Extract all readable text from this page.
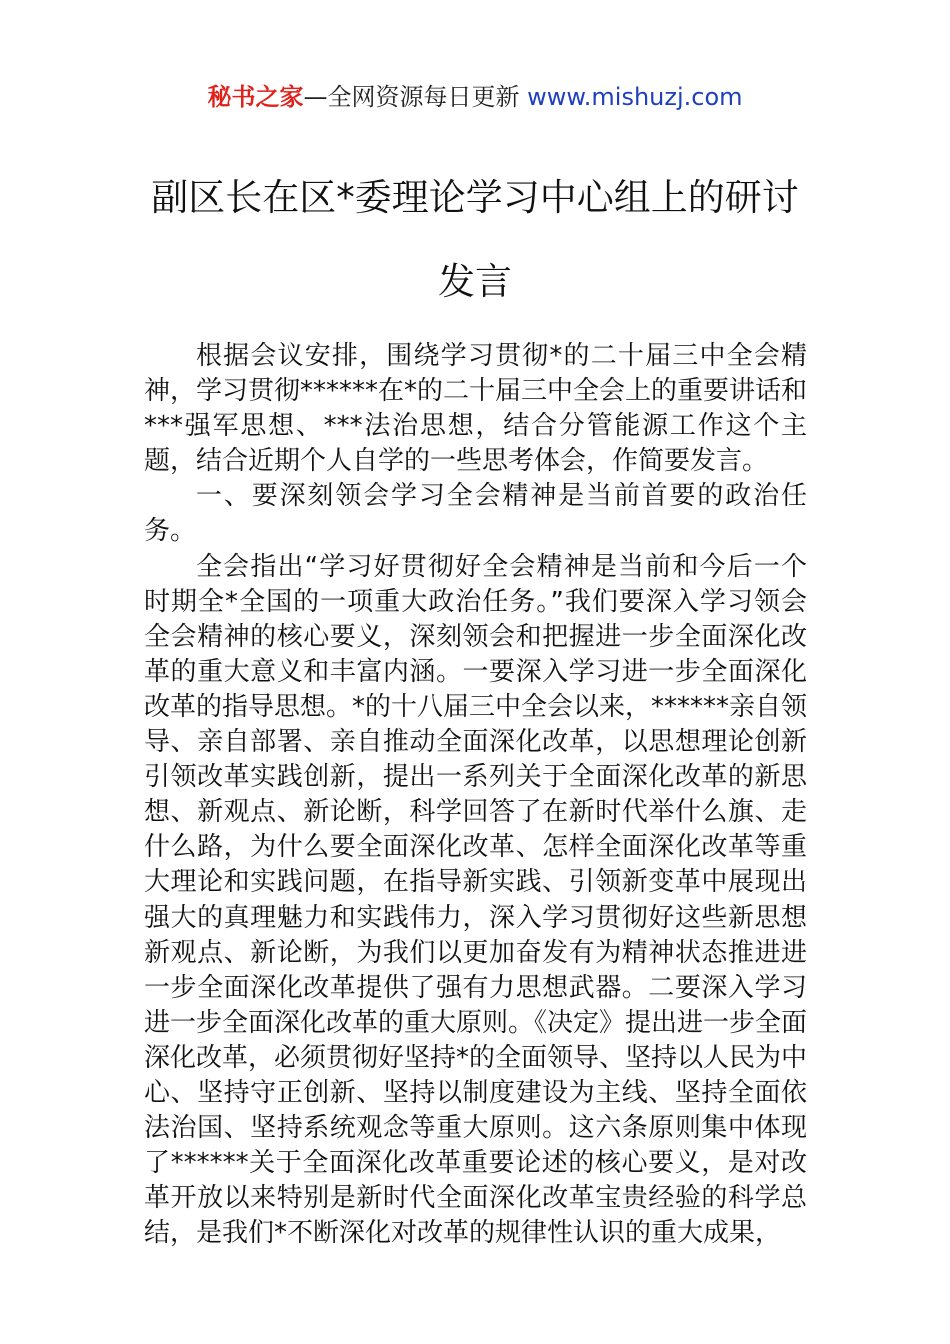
秘书之家—全网资源每日更新 www.mishuzj.com
副区长在区*委理论学习中心组上的研讨发言

根据会议安排，围绕学习贯彻*的二十届三中全会精神，学习贯彻******在*的二十届三中全会上的重要讲话和***强军思想、***法治思想，结合分管能源工作这个主题，结合近期个人自学的一些思考体会，作简要发言。

一、要深刻领会学习全会精神是当前首要的政治任务。

全会指出“学习好贯彻好全会精神是当前和今后一个时期全*全国的一项重大政治任务。”我们要深入学习领会全会精神的核心要义，深刻领会和把握进一步全面深化改革的重大意义和丰富内涵。一要深入学习进一步全面深化改革的指导思想。*的十八届三中全会以来，******亲自领导、亲自部署、亲自推动全面深化改革，以思想理论创新引领改革实践创新，提出一系列关于全面深化改革的新思想、新观点、新论断，科学回答了在新时代举什么旗、走什么路，为什么要全面深化改革、怎样全面深化改革等重大理论和实践问题，在指导新实践、引领新变革中展现出强大的真理魅力和实践伟力，深入学习贯彻好这些新思想新观点、新论断，为我们以更加奋发有为精神状态推进进一步全面深化改革提供了强有力思想武器。二要深入学习进一步全面深化改革的重大原则。《决定》提出进一步全面深化改革，必须贯彻好坚持*的全面领导、坚持以人民为中心、坚持守正创新、坚持以制度建设为主线、坚持全面依法治国、坚持系统观念等重大原则。这六条原则集中体现了******关于全面深化改革重要论述的核心要义，是对改革开放以来特别是新时代全面深化改革宝贵经验的科学总结，是我们*不断深化对改革的规律性认识的重大成果，
